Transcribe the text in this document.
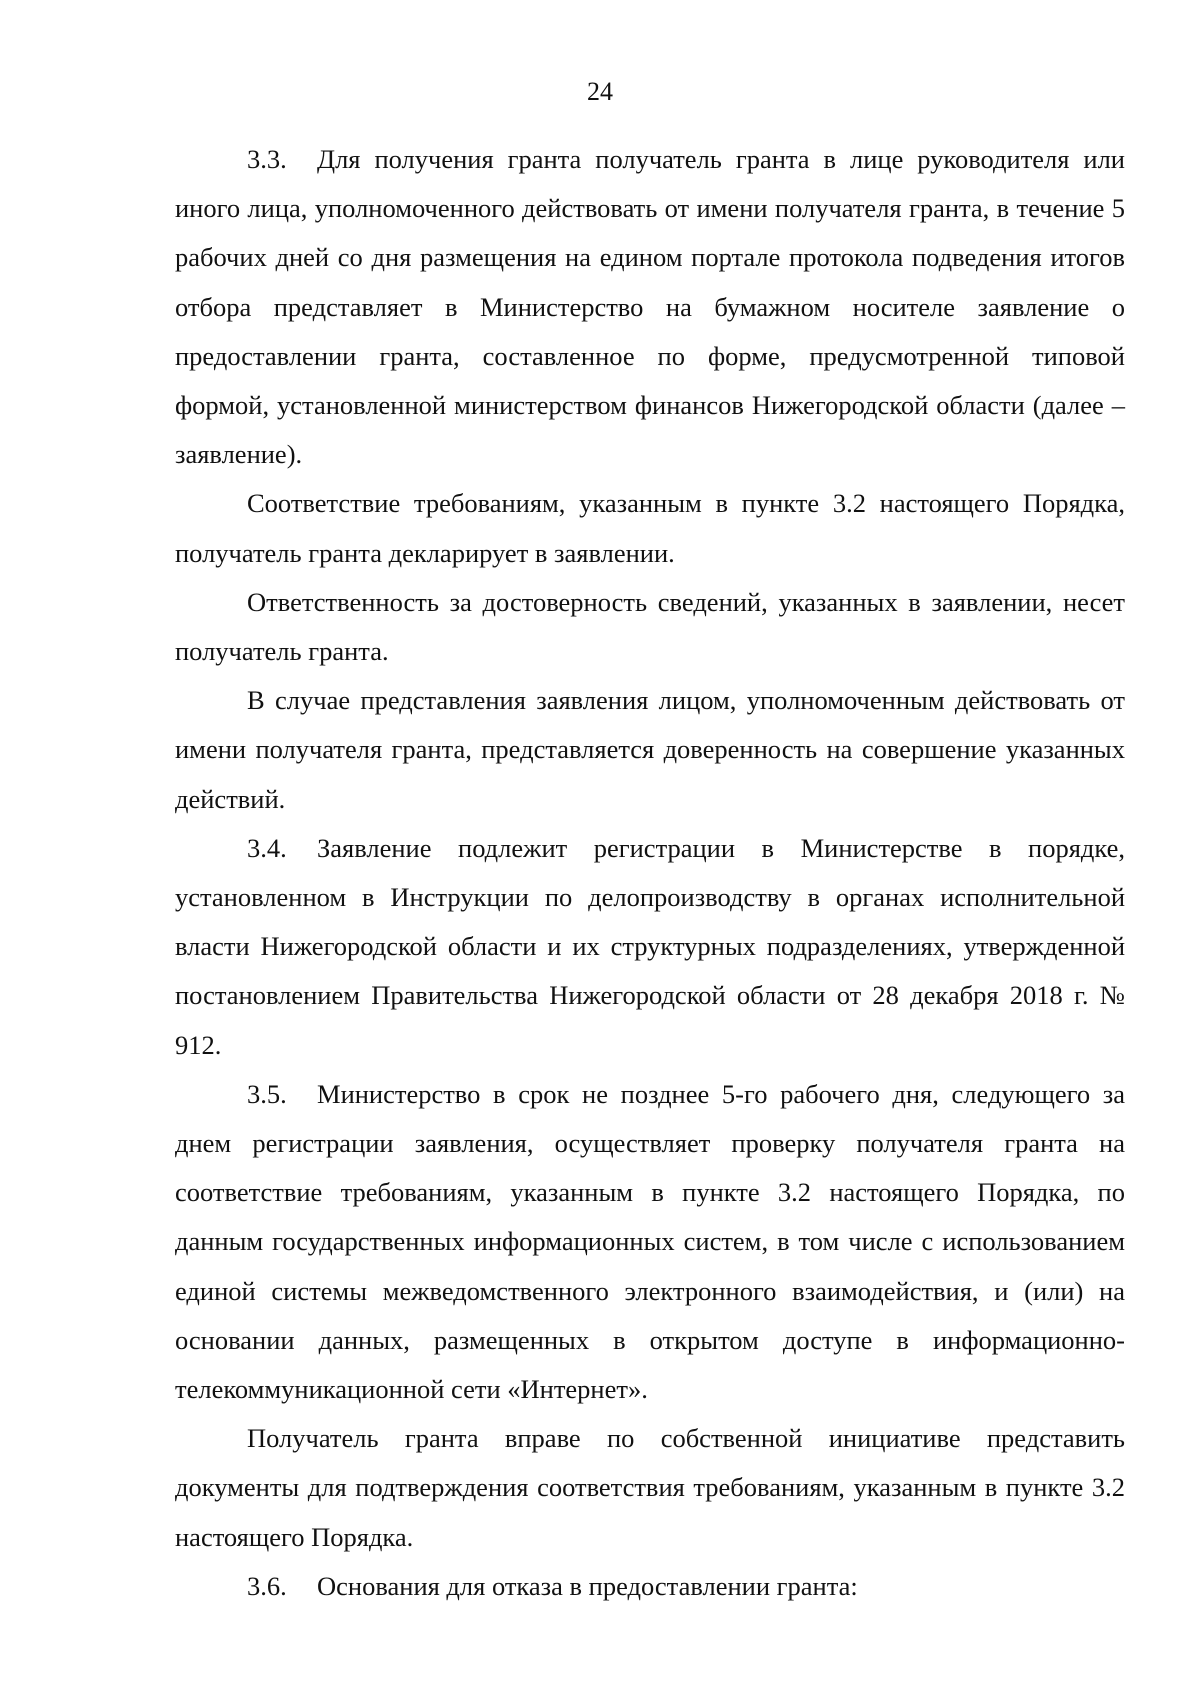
24

3.3. Для получения гранта получатель гранта в лице руководителя или иного лица, уполномоченного действовать от имени получателя гранта, в течение 5 рабочих дней со дня размещения на едином портале протокола подведения итогов отбора представляет в Министерство на бумажном носителе заявление о предоставлении гранта, составленное по форме, предусмотренной типовой формой, установленной министерством финансов Нижегородской области (далее – заявление).

Соответствие требованиям, указанным в пункте 3.2 настоящего Порядка, получатель гранта декларирует в заявлении.

Ответственность за достоверность сведений, указанных в заявлении, несет получатель гранта.

В случае представления заявления лицом, уполномоченным действовать от имени получателя гранта, представляется доверенность на совершение указанных действий.

3.4. Заявление подлежит регистрации в Министерстве в порядке, установленном в Инструкции по делопроизводству в органах исполнительной власти Нижегородской области и их структурных подразделениях, утвержденной постановлением Правительства Нижегородской области от 28 декабря 2018 г. № 912.

3.5. Министерство в срок не позднее 5-го рабочего дня, следующего за днем регистрации заявления, осуществляет проверку получателя гранта на соответствие требованиям, указанным в пункте 3.2 настоящего Порядка, по данным государственных информационных систем, в том числе с использованием единой системы межведомственного электронного взаимодействия, и (или) на основании данных, размещенных в открытом доступе в информационно-телекоммуникационной сети «Интернет».

Получатель гранта вправе по собственной инициативе представить документы для подтверждения соответствия требованиям, указанным в пункте 3.2 настоящего Порядка.

3.6. Основания для отказа в предоставлении гранта:
